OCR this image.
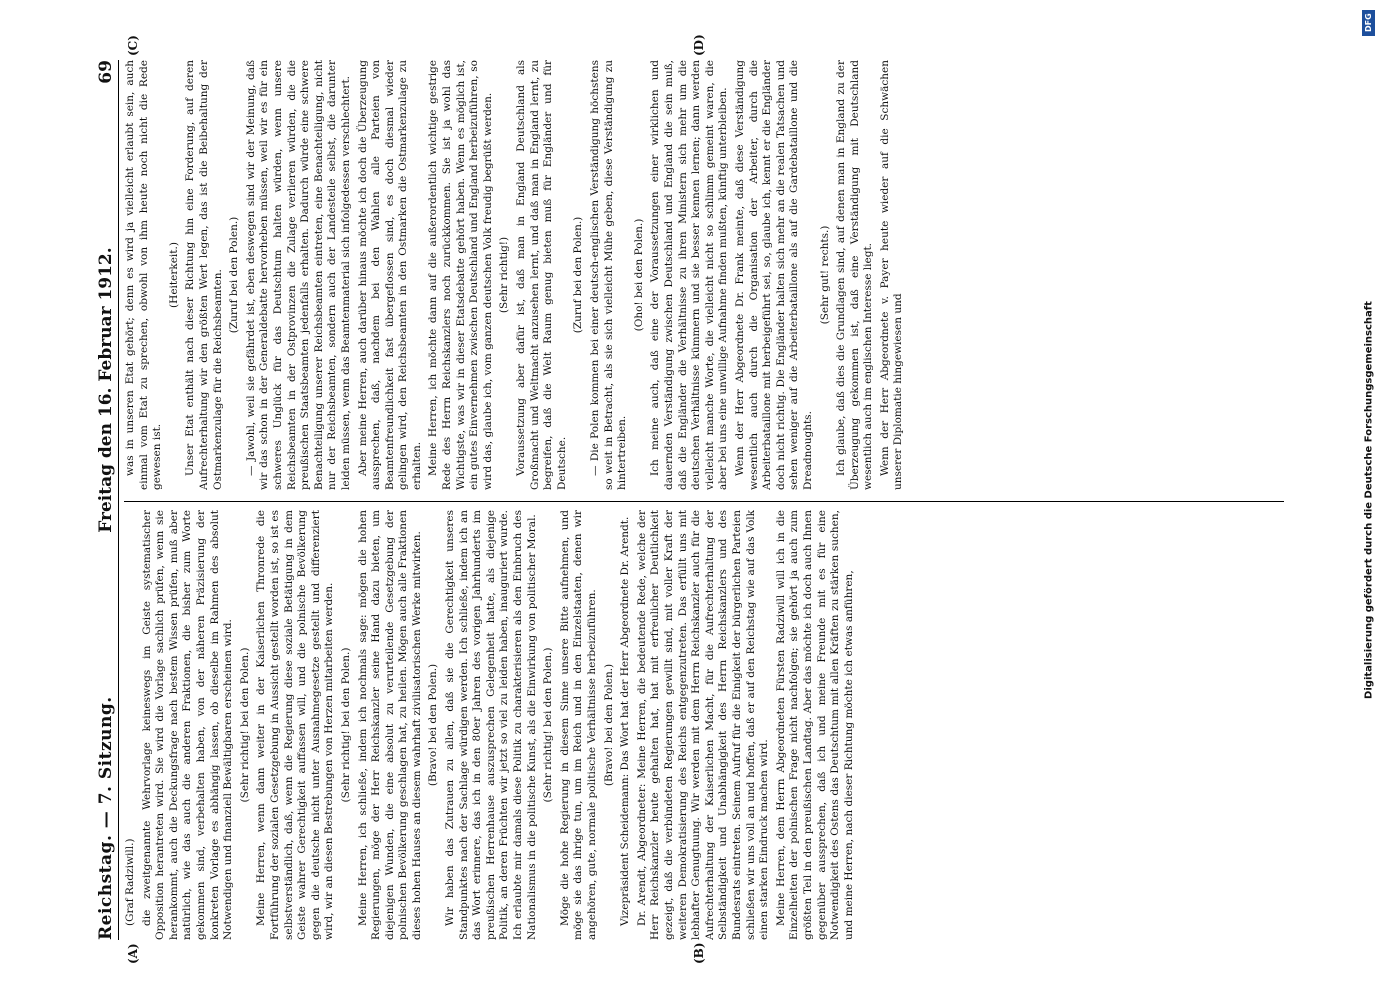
Reichstag. — 7. Sitzung.
Freitag den 16. Februar 1912.
69
(A)	(B)
(C)	(D)

(Graf Radziwill.) die zweitgenannte Wehrvorlage keineswegs im Geiste systematischer Opposition herantreten wird. Sie wird die Vorlage sachlich prüfen, wenn sie herankommt, auch die Deckungsfrage nach bestem Wissen prüfen, muß aber natürlich, wie das auch die anderen Fraktionen, die bisher zum Worte gekommen sind, verbehalten haben, von der näheren Präzisierung der konkreten Vorlage es abhängig lassen, ob dieselbe im Rahmen des absolut Notwendigen und finanziell Bewältigbaren erscheinen wird. (Sehr richtig! bei den Polen.) Meine Herren, wenn dann weiter in der Kaiserlichen Thronrede die Fortführung der sozialen Gesetzgebung in Aussicht gestellt worden ist, so ist es selbstverständlich, daß, wenn die Regierung diese soziale Betätigung in dem Geiste wahrer Gerechtigkeit auffassen will, und die polnische Bevölkerung gegen die deutsche nicht unter Ausnahmegesetze gestellt und differenziert wird, wir an diesen Bestrebungen von Herzen mitarbeiten werden. (Sehr richtig! bei den Polen.) Meine Herren, ich schließe, indem ich nochmals sage: mögen die hohen Regierungen, möge der Herr Reichskanzler seine Hand dazu bieten, um diejenigen Wunden, die eine absolut zu verurteilende Gesetzgebung der polnischen Bevölkerung geschlagen hat, zu heilen. Mögen auch alle Fraktionen dieses hohen Hauses an diesem wahrhaft zivilisatorischen Werke mitwirken. (Bravo! bei den Polen.) Wir haben das Zutrauen zu allen, daß sie die Gerechtigkeit unseres Standpunktes nach der Sachlage würdigen werden. Ich schließe, indem ich an das Wort erinnere, das ich in den 80er Jahren des vorigen Jahrhunderts im preußischen Herrenhause auszusprechen Gelegenheit hatte, als diejenige Politik, an deren Früchten wir jetzt so viel zu leiden haben, inauguriert wurde. Ich erlaubte mir damals diese Politik zu charakterisieren als den Einbruch des Nationalismus in die politische Kunst, als die Einwirkung von politischer Moral. (Sehr richtig! bei den Polen.) Möge die hohe Regierung in diesem Sinne unsere Bitte aufnehmen, und möge sie das ihrige tun, um im Reich und in den Einzelstaaten, denen wir angehören, gute, normale politische Verhältnisse herbeizuführen. (Bravo! bei den Polen.) Vizepräsident Scheidemann: Das Wort hat der Herr Abgeordnete Dr. Arendt. Dr. Arendt, Abgeordneter: Meine Herren, die bedeutende Rede, welche der Herr Reichskanzler heute gehalten hat, hat mit erfreulicher Deutlichkeit gezeigt, daß die verbündeten Regierungen gewillt sind, mit voller Kraft der weiteren Demokratisierung des Reichs entgegenzutreten. Das erfüllt uns mit lebhafter Genugtuung. Wir werden mit dem Herrn Reichskanzler auch für die Aufrechterhaltung der Kaiserlichen Macht, für die Aufrechterhaltung der Selbständigkeit und Unabhängigkeit des Herrn Reichskanzlers und des Bundesrats eintreten. Seinem Aufruf für die Einigkeit der bürgerlichen Parteien schließen wir uns voll an und hoffen, daß er auf den Reichstag wie auf das Volk einen starken Eindruck machen wird. Meine Herren, dem Herrn Abgeordneten Fürsten Radziwill will ich in die Einzelheiten der polnischen Frage nicht nachfolgen; sie gehört ja auch zum größten Teil in den preußischen Landtag. Aber das möchte ich doch auch Ihnen gegenüber aussprechen, daß ich und meine Freunde mit es für eine Notwendigkeit des Ostens das Deutschtum mit allen Kräften zu stärken suchen, und meine Herren, nach dieser Richtung möchte ich etwas anführen,

was in unseren Etat gehört; denn es wird ja vielleicht erlaubt sein, auch einmal vom Etat zu sprechen, obwohl von ihm heute noch nicht die Rede gewesen ist.

(Heiterkeit.) Unser Etat enthält nach dieser Richtung hin eine Forderung, auf deren Aufrechterhaltung wir den größten Wert legen, das ist die Beibehaltung der Ostmarkenzulage für die Reichsbeamten. (Zuruf bei den Polen.) — Jawohl, weil sie gefährdet ist, eben deswegen sind wir der Meinung, daß wir das schon in der Generaldebatte hervorheben müssen, weil wir es für ein schweres Unglück für das Deutschtum halten würden, wenn unsere Reichsbeamten in der Ostprovinzen die Zulage verlieren würden, die die preußischen Staatsbeamten jedenfalls erhalten. Dadurch würde eine schwere Benachteiligung unserer Reichsbeamten eintreten, eine Benachteiligung, nicht nur der Reichsbeamten, sondern auch der Landesteile selbst, die darunter leiden müssen, wenn das Beamtenmaterial sich infolgedessen verschlechtert. Aber meine Herren, auch darüber hinaus möchte ich doch die Überzeugung aussprechen, daß, nachdem bei den Wahlen alle Parteien von Beamtenfreundlichkeit fast übergeflossen sind, es doch diesmal wieder gelingen wird, den Reichsbeamten in den Ostmarken die Ostmarkenzulage zu erhalten. Meine Herren, ich möchte dann auf die außerordentlich wichtige gestrige Rede des Herrn Reichskanzlers noch zurückkommen. Sie ist ja wohl das Wichtigste, was wir in dieser Etatsdebatte gehört haben. Wenn es möglich ist, ein gutes Einvernehmen zwischen Deutschland und England herbeizuführen, so wird das, glaube ich, vom ganzen deutschen Volk freudig begrüßt werden. (Sehr richtig!) Voraussetzung aber dafür ist, daß man in England Deutschland als Großmacht und Weltmacht anzusehen lernt, und daß man in England lernt, zu begreifen, daß die Welt Raum genug bieten muß für Engländer und für Deutsche.

(Zuruf bei den Polen.) — Die Polen kommen bei einer deutsch-englischen Verständigung höchstens so weit in Betracht, als sie sich vielleicht Mühe geben, diese Verständigung zu hintertreiben.

(Oho! bei den Polen.) Ich meine auch, daß eine der Voraussetzungen einer wirklichen und dauernden Verständigung zwischen Deutschland und England die sein muß, daß die Engländer die Verhältnisse zu ihren Ministern sich mehr um die deutschen Verhältnisse kümmern und sie besser kennen lernen; dann werden vielleicht manche Worte, die vielleicht nicht so schlimm gemeint waren, die aber bei uns eine unwillige Aufnahme finden mußten, künftig unterbleiben. Wenn der Herr Abgeordnete Dr. Frank meinte, daß diese Verständigung wesentlich auch durch die Organisation der Arbeiter, durch die Arbeiterbataillone mit herbeigeführt sei, so, glaube ich, kennt er die Engländer doch nicht richtig. Die Engländer halten sich mehr an die realen Tatsachen und sehen weniger auf die Arbeiterbataillone als auf die Gardebataillone und die Dreadnoughts.

(Sehr gut! rechts.) Ich glaube, daß dies die Grundlagen sind, auf denen man in England zu der Überzeugung gekommen ist, daß eine Verständigung mit Deutschland wesentlich auch im englischen Interesse liegt. Wenn der Herr Abgeordnete v. Payer heute wieder auf die Schwächen unserer Diplomatie hingewiesen und

DFG
Digitalisierung gefördert durch die Deutsche Forschungsgemeinschaft
